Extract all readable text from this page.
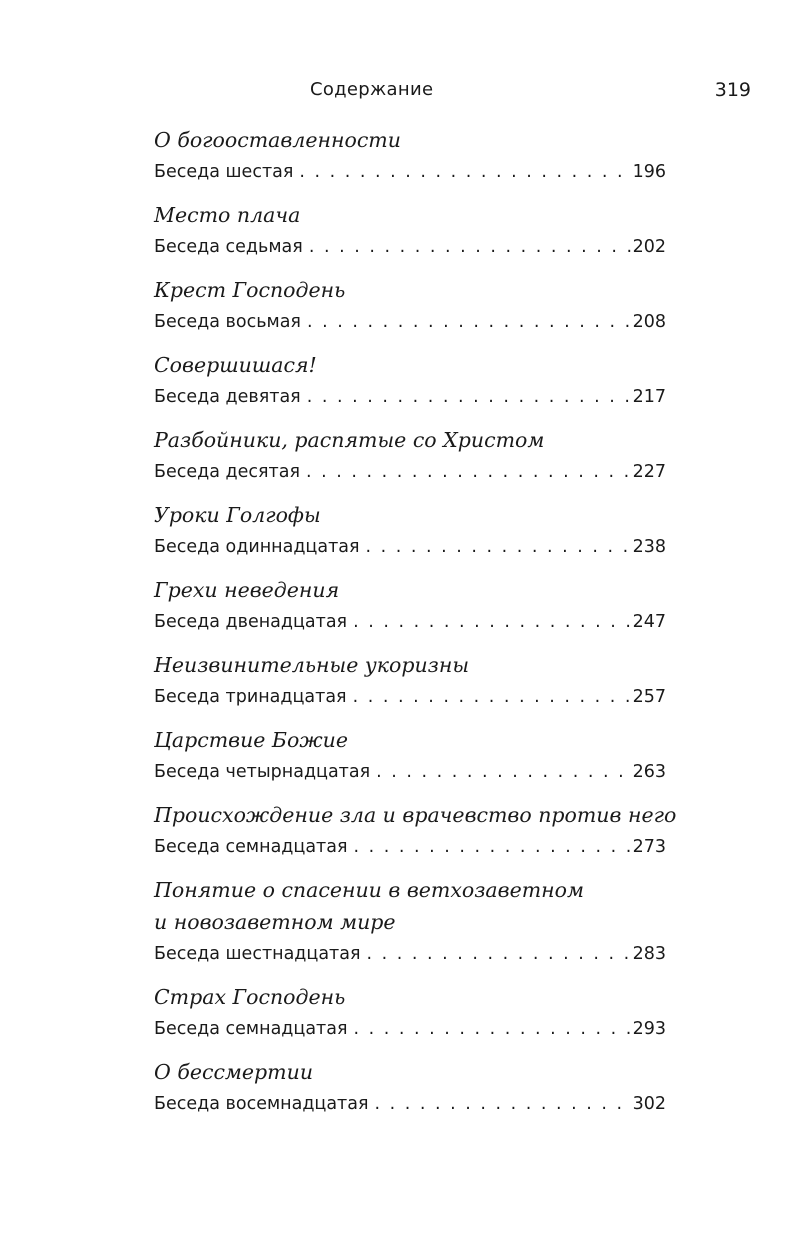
Содержание	319
О богооставленности
Беседа шестая . . .	196
Место плача
Беседа седьмая . . .	202
Крест Господень
Беседа восьмая . . .	208
Совершишася!
Беседа девятая . . .	217
Разбойники, распятые со Христом
Беседа десятая . . .	227
Уроки Голгофы
Беседа одиннадцатая . . .	238
Грехи неведения
Беседа двенадцатая . . .	247
Неизвинительные укоризны
Беседа тринадцатая . . .	257
Царствие Божие
Беседа четырнадцатая . . .	263
Происхождение зла и врачевство против него
Беседа семнадцатая . . .	273
Понятие о спасении в ветхозаветном
и новозаветном мире
Беседа шестнадцатая . . .	283
Страх Господень
Беседа семнадцатая . . .	293
О бессмертии
Беседа восемнадцатая . . .	302
